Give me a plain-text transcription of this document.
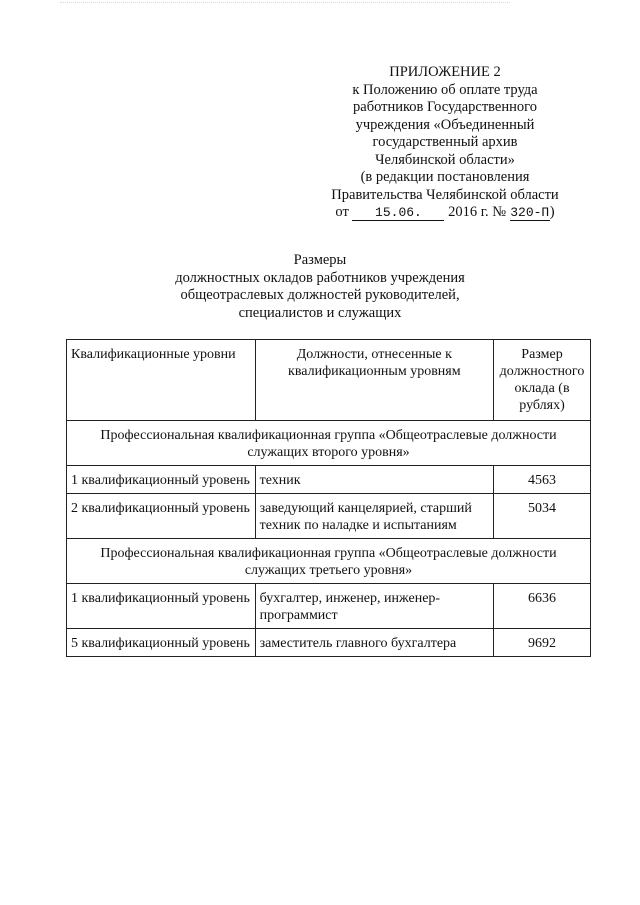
ПРИЛОЖЕНИЕ 2
к Положению об оплате труда
работников Государственного
учреждения «Объединенный
государственный архив
Челябинской области»
(в редакции постановления
Правительства Челябинской области
от 15.06. 2016 г. № 320-П)
Размеры
должностных окладов работников учреждения
общеотраслевых должностей руководителей,
специалистов и служащих
Квалификационные уровни	Должности, отнесенные к квалификационным уровням	Размер должностного оклада (в рублях)
Профессиональная квалификационная группа «Общеотраслевые должности служащих второго уровня»		
1 квалификационный уровень	техник	4563
2 квалификационный уровень	заведующий канцелярией, старший техник по наладке и испытаниям	5034
Профессиональная квалификационная группа «Общеотраслевые должности служащих третьего уровня»		
1 квалификационный уровень	бухгалтер, инженер, инженер-программист	6636
5 квалификационный уровень	заместитель главного бухгалтера	9692
